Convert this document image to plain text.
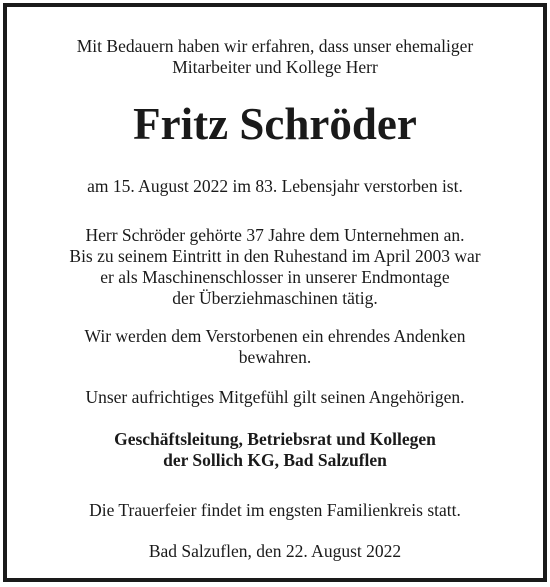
Mit Bedauern haben wir erfahren, dass unser ehemaliger
Mitarbeiter und Kollege Herr
Fritz Schröder
am 15. August 2022 im 83. Lebensjahr verstorben ist.
Herr Schröder gehörte 37 Jahre dem Unternehmen an.
Bis zu seinem Eintritt in den Ruhestand im April 2003 war
er als Maschinenschlosser in unserer Endmontage
der Überziehmaschinen tätig.
Wir werden dem Verstorbenen ein ehrendes Andenken
bewahren.
Unser aufrichtiges Mitgefühl gilt seinen Angehörigen.
Geschäftsleitung, Betriebsrat und Kollegen
der Sollich KG, Bad Salzuflen
Die Trauerfeier findet im engsten Familienkreis statt.
Bad Salzuflen, den 22. August 2022
